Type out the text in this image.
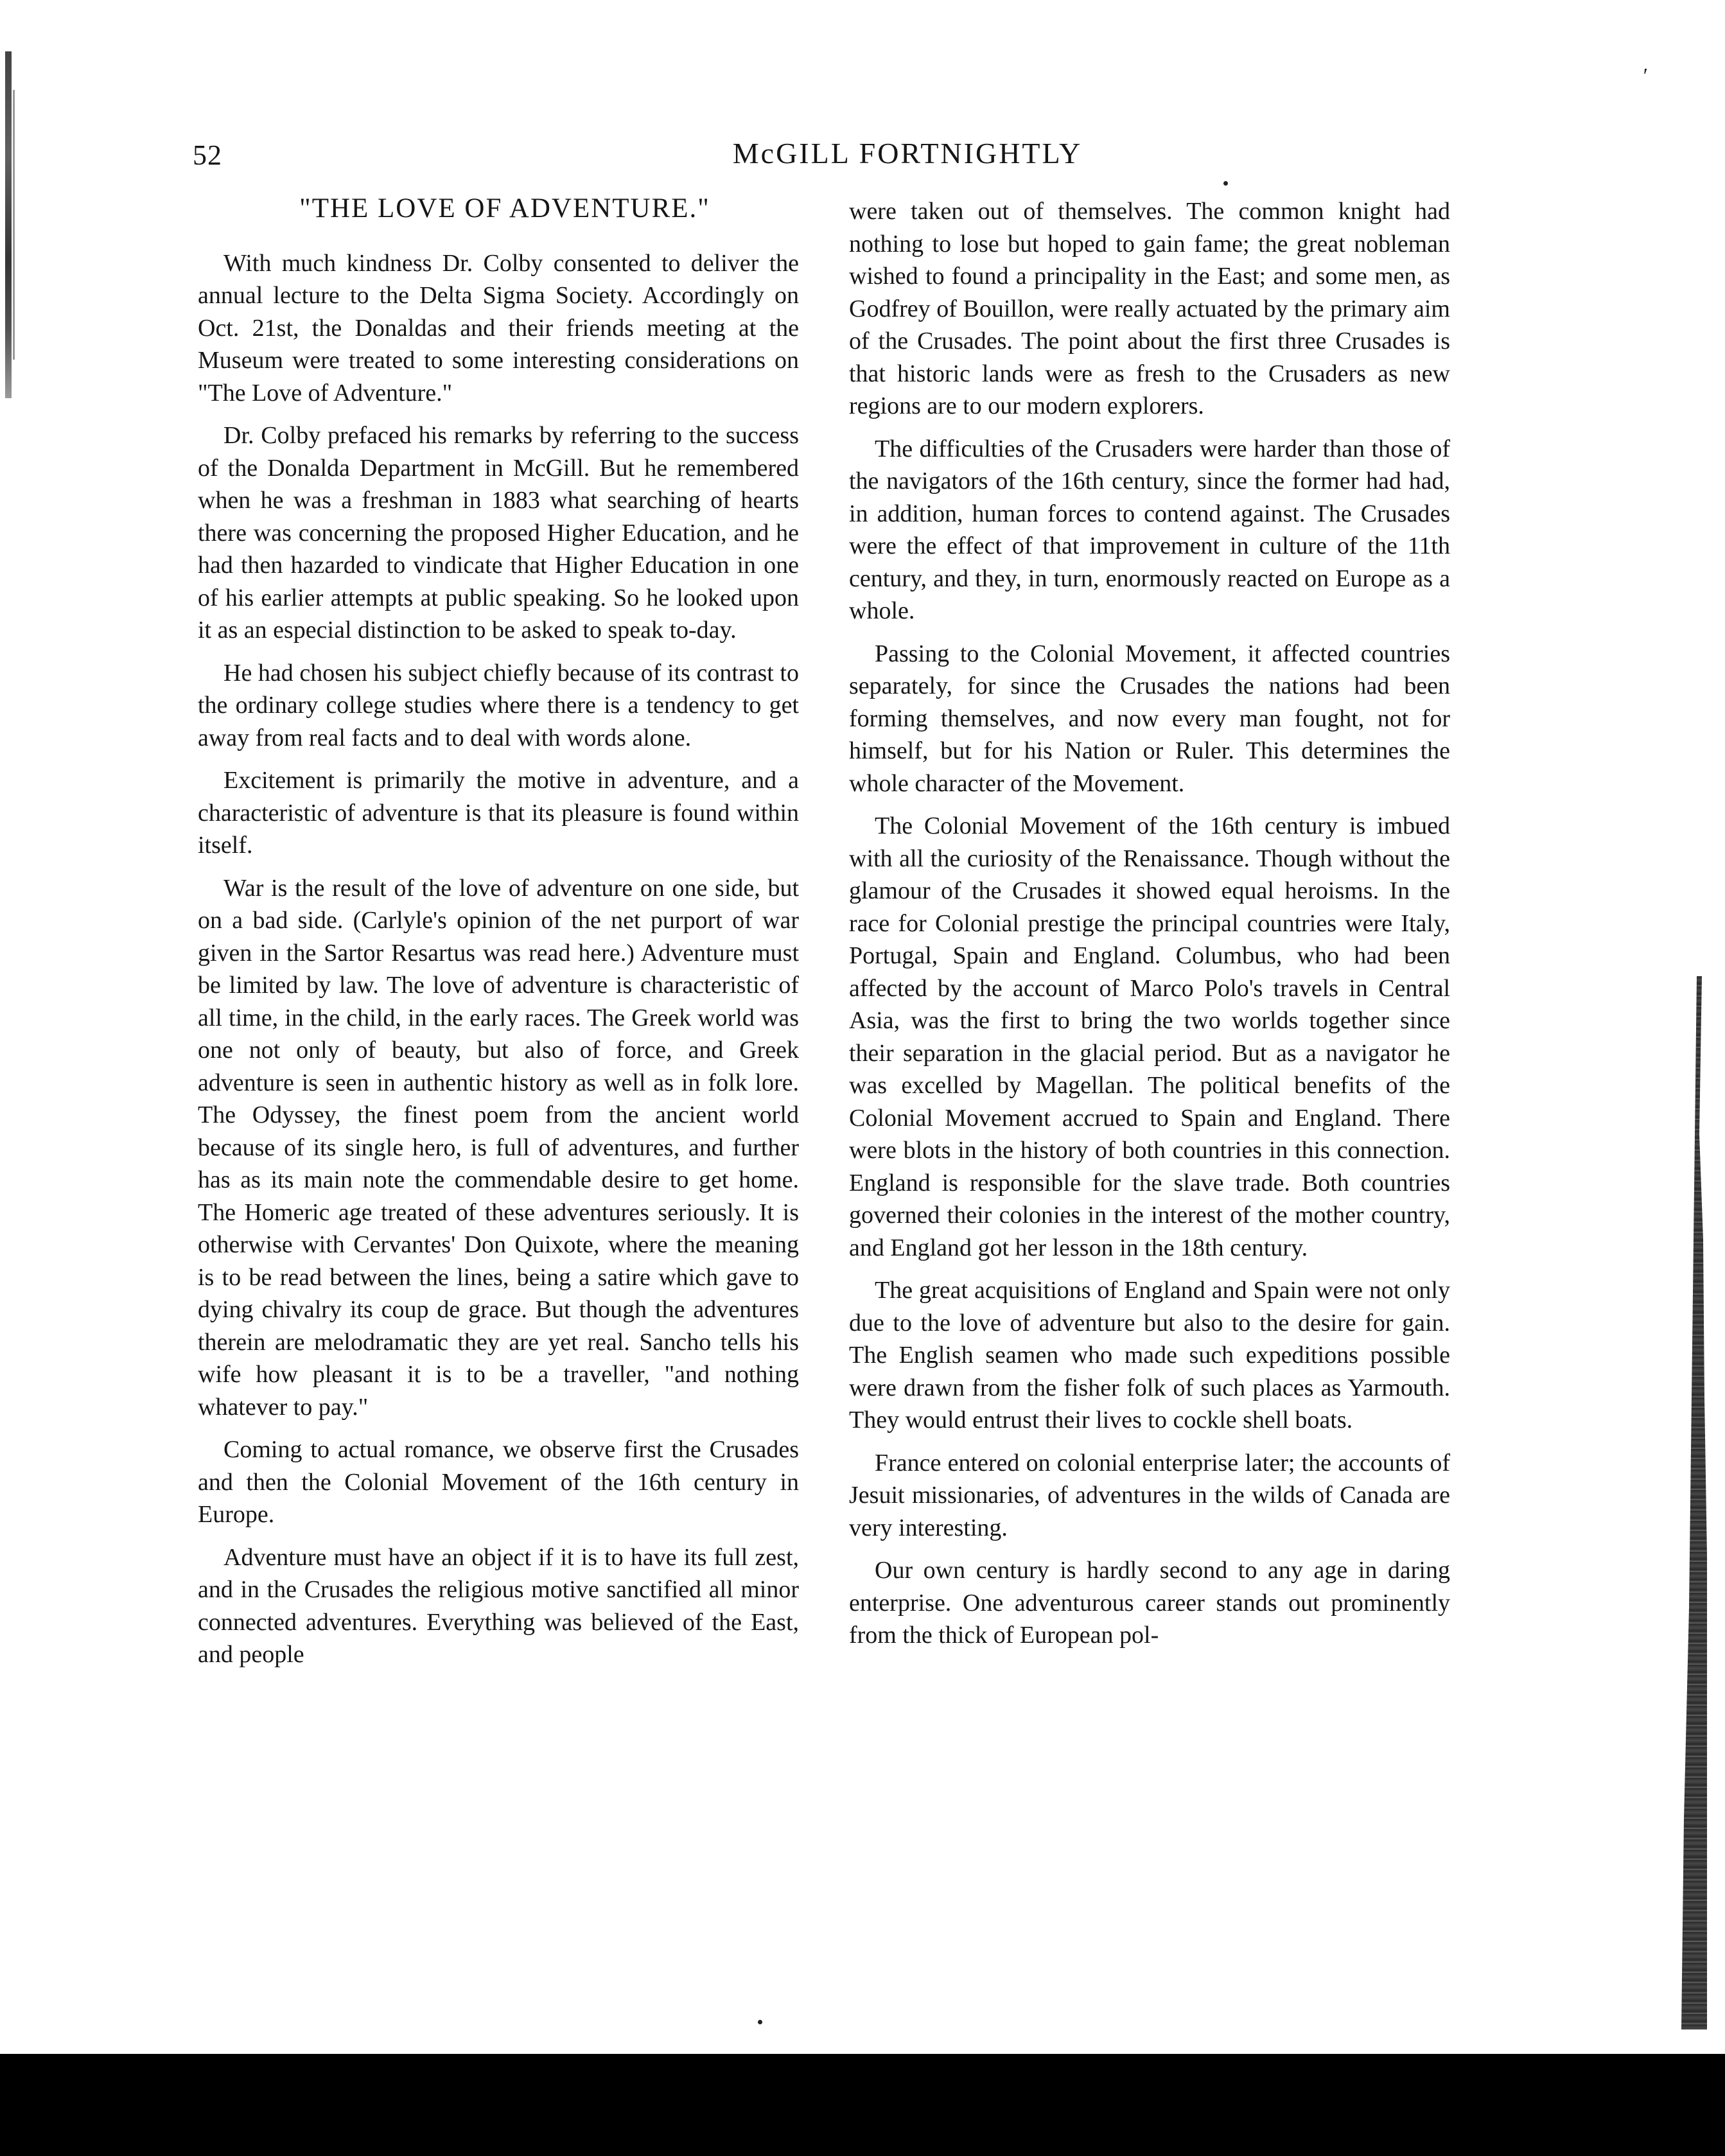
′
52	McGILL FORTNIGHTLY
"THE LOVE OF ADVENTURE."

With much kindness Dr. Colby consented to deliver the annual lecture to the Delta Sigma Society. Accordingly on Oct. 21st, the Donaldas and their friends meeting at the Museum were treated to some interesting considerations on "The Love of Adventure."

Dr. Colby prefaced his remarks by referring to the success of the Donalda Department in McGill. But he remembered when he was a freshman in 1883 what searching of hearts there was concerning the proposed Higher Education, and he had then hazarded to vindicate that Higher Education in one of his earlier attempts at public speaking. So he looked upon it as an especial distinction to be asked to speak to-day.

He had chosen his subject chiefly because of its contrast to the ordinary college studies where there is a tendency to get away from real facts and to deal with words alone.

Excitement is primarily the motive in adventure, and a characteristic of adventure is that its pleasure is found within itself.

War is the result of the love of adventure on one side, but on a bad side. (Carlyle's opinion of the net purport of war given in the Sartor Resartus was read here.) Adventure must be limited by law. The love of adventure is characteristic of all time, in the child, in the early races. The Greek world was one not only of beauty, but also of force, and Greek adventure is seen in authentic history as well as in folk lore. The Odyssey, the finest poem from the ancient world because of its single hero, is full of adventures, and further has as its main note the commendable desire to get home. The Homeric age treated of these adventures seriously. It is otherwise with Cervantes' Don Quixote, where the meaning is to be read between the lines, being a satire which gave to dying chivalry its coup de grace. But though the adventures therein are melodramatic they are yet real. Sancho tells his wife how pleasant it is to be a traveller, "and nothing whatever to pay."

Coming to actual romance, we observe first the Crusades and then the Colonial Movement of the 16th century in Europe.

Adventure must have an object if it is to have its full zest, and in the Crusades the religious motive sanctified all minor connected adventures. Everything was believed of the East, and people

were taken out of themselves. The common knight had nothing to lose but hoped to gain fame; the great nobleman wished to found a principality in the East; and some men, as Godfrey of Bouillon, were really actuated by the primary aim of the Crusades. The point about the first three Crusades is that historic lands were as fresh to the Crusaders as new regions are to our modern explorers.

The difficulties of the Crusaders were harder than those of the navigators of the 16th century, since the former had had, in addition, human forces to contend against. The Crusades were the effect of that improvement in culture of the 11th century, and they, in turn, enormously reacted on Europe as a whole.

Passing to the Colonial Movement, it affected countries separately, for since the Crusades the nations had been forming themselves, and now every man fought, not for himself, but for his Nation or Ruler. This determines the whole character of the Movement.

The Colonial Movement of the 16th century is imbued with all the curiosity of the Renaissance. Though without the glamour of the Crusades it showed equal heroisms. In the race for Colonial prestige the principal countries were Italy, Portugal, Spain and England. Columbus, who had been affected by the account of Marco Polo's travels in Central Asia, was the first to bring the two worlds together since their separation in the glacial period. But as a navigator he was excelled by Magellan. The political benefits of the Colonial Movement accrued to Spain and England. There were blots in the history of both countries in this connection. England is responsible for the slave trade. Both countries governed their colonies in the interest of the mother country, and England got her lesson in the 18th century.

The great acquisitions of England and Spain were not only due to the love of adventure but also to the desire for gain. The English seamen who made such expeditions possible were drawn from the fisher folk of such places as Yarmouth. They would entrust their lives to cockle shell boats.

France entered on colonial enterprise later; the accounts of Jesuit missionaries, of adventures in the wilds of Canada are very interesting.

Our own century is hardly second to any age in daring enterprise. One adventurous career stands out prominently from the thick of European pol-
